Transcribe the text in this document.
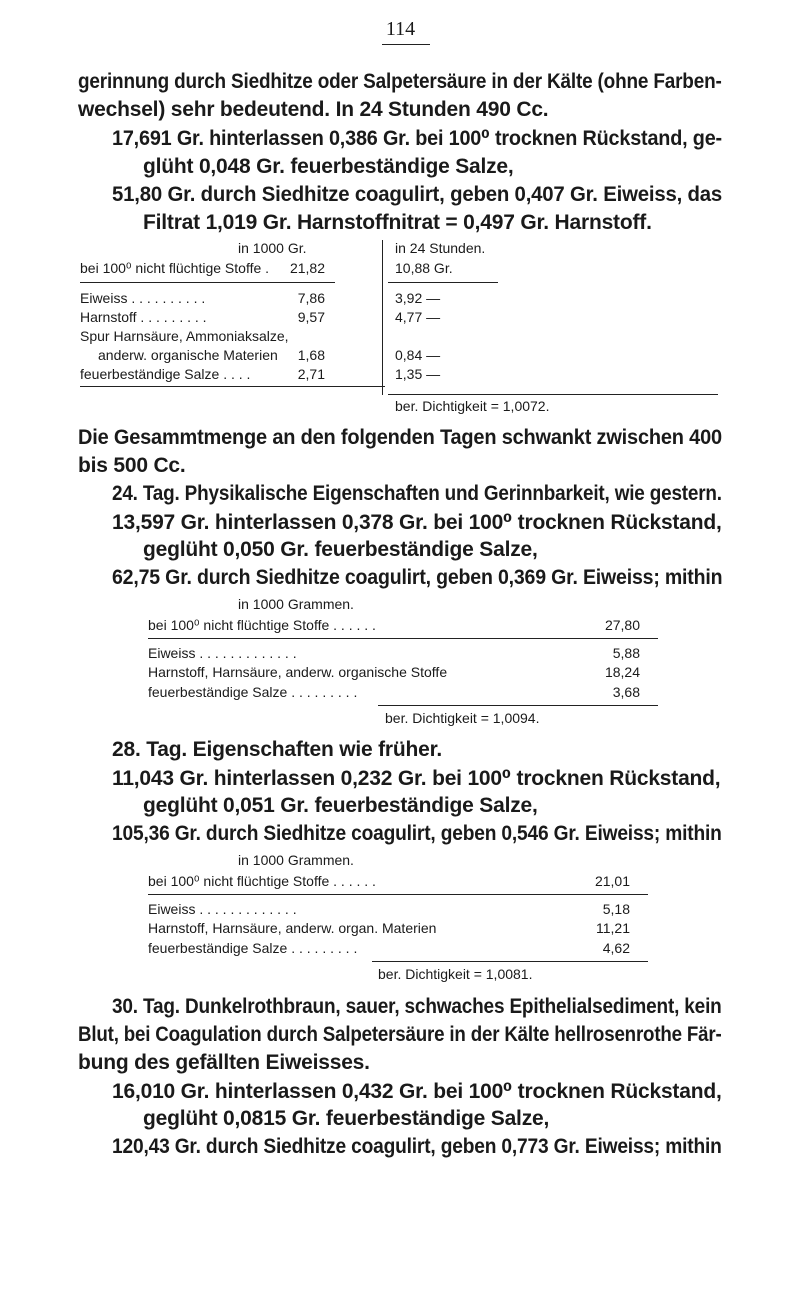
114
gerinnung durch Siedhitze oder Salpetersäure in der Kälte (ohne Farben-
wechsel) sehr bedeutend. In 24 Stunden 490 Cc.
17,691 Gr. hinterlassen 0,386 Gr. bei 100⁰ trocknen Rückstand, ge-
glüht 0,048 Gr. feuerbeständige Salze,
51,80 Gr. durch Siedhitze coagulirt, geben 0,407 Gr. Eiweiss, das
Filtrat 1,019 Gr. Harnstoffnitrat = 0,497 Gr. Harnstoff.
in 1000 Gr.	in 24 Stunden.
bei 100⁰ nicht flüchtige Stoffe .	21,82	10,88 Gr.
Eiweiss . . . . . . . . . .	7,86	3,92 —
Harnstoff . . . . . . . . .	9,57	4,77 —
Spur Harnsäure, Ammoniaksalze,
anderw. organische Materien	1,68	0,84 —
feuerbeständige Salze . . . .	2,71	1,35 —
ber. Dichtigkeit = 1,0072.
Die Gesammtmenge an den folgenden Tagen schwankt zwischen 400
bis 500 Cc.
24. Tag. Physikalische Eigenschaften und Gerinnbarkeit, wie gestern.
13,597 Gr. hinterlassen 0,378 Gr. bei 100⁰ trocknen Rückstand,
geglüht 0,050 Gr. feuerbeständige Salze,
62,75 Gr. durch Siedhitze coagulirt, geben 0,369 Gr. Eiweiss; mithin
in 1000 Grammen.
bei 100⁰ nicht flüchtige Stoffe . . . . . .	27,80
Eiweiss . . . . . . . . . . . . .	5,88
Harnstoff, Harnsäure, anderw. organische Stoffe	18,24
feuerbeständige Salze . . . . . . . . .	3,68
ber. Dichtigkeit = 1,0094.
28. Tag. Eigenschaften wie früher.
11,043 Gr. hinterlassen 0,232 Gr. bei 100⁰ trocknen Rückstand,
geglüht 0,051 Gr. feuerbeständige Salze,
105,36 Gr. durch Siedhitze coagulirt, geben 0,546 Gr. Eiweiss; mithin
in 1000 Grammen.
bei 100⁰ nicht flüchtige Stoffe . . . . . .	21,01
Eiweiss . . . . . . . . . . . . .	5,18
Harnstoff, Harnsäure, anderw. organ. Materien	11,21
feuerbeständige Salze . . . . . . . . .	4,62
ber. Dichtigkeit = 1,0081.
30. Tag. Dunkelrothbraun, sauer, schwaches Epithelialsediment, kein
Blut, bei Coagulation durch Salpetersäure in der Kälte hellrosenrothe Fär-
bung des gefällten Eiweisses.
16,010 Gr. hinterlassen 0,432 Gr. bei 100⁰ trocknen Rückstand,
geglüht 0,0815 Gr. feuerbeständige Salze,
120,43 Gr. durch Siedhitze coagulirt, geben 0,773 Gr. Eiweiss; mithin
